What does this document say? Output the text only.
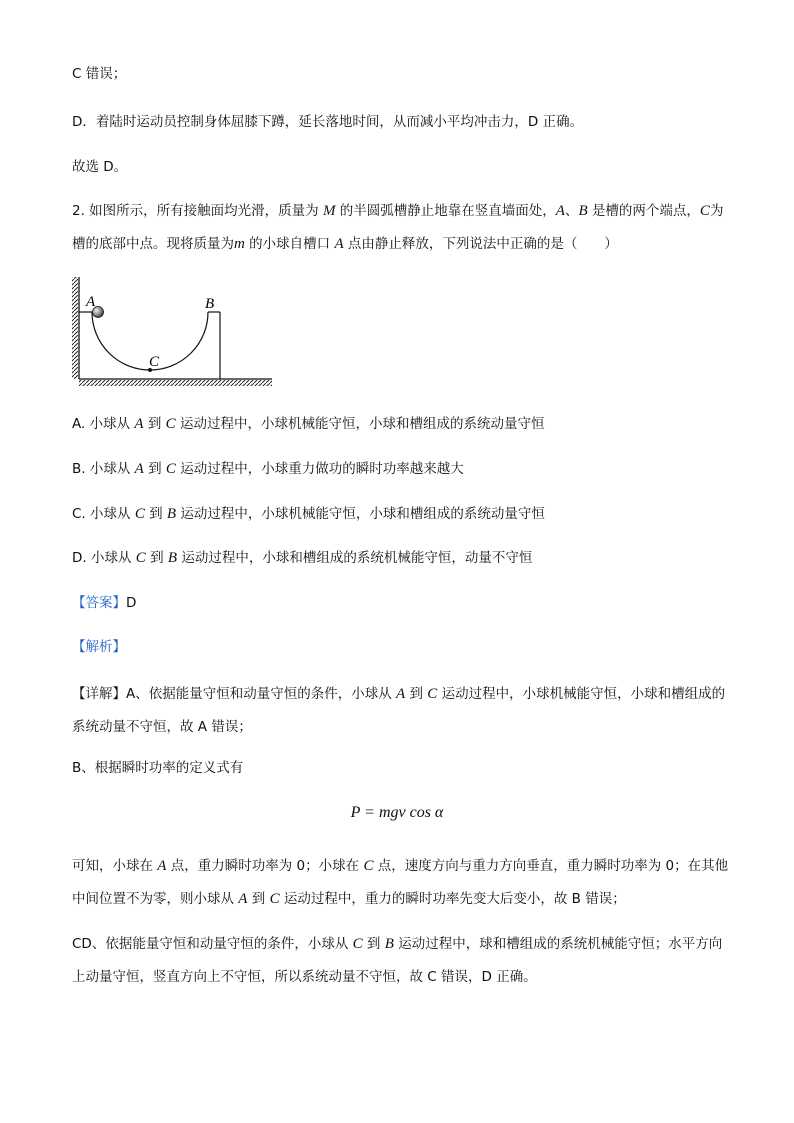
C 错误；
D．着陆时运动员控制身体屈膝下蹲，延长落地时间，从而减小平均冲击力，D 正确。
故选 D。
2. 如图所示，所有接触面均光滑，质量为 M 的半圆弧槽静止地靠在竖直墙面处，A、B 是槽的两个端点，C为槽的底部中点。现将质量为m 的小球自槽口 A 点由静止释放，下列说法中正确的是（　　）
A	B
C
A. 小球从 A 到 C 运动过程中，小球机械能守恒，小球和槽组成的系统动量守恒
B. 小球从 A 到 C 运动过程中，小球重力做功的瞬时功率越来越大
C. 小球从 C 到 B 运动过程中，小球机械能守恒，小球和槽组成的系统动量守恒
D. 小球从 C 到 B 运动过程中，小球和槽组成的系统机械能守恒，动量不守恒
【答案】D
【解析】
【详解】A、依据能量守恒和动量守恒的条件，小球从 A 到 C 运动过程中，小球机械能守恒，小球和槽组成的系统动量不守恒，故 A 错误；
B、根据瞬时功率的定义式有
P = mgv cos α
可知，小球在 A 点，重力瞬时功率为 0；小球在 C 点，速度方向与重力方向垂直，重力瞬时功率为 0；在其他中间位置不为零，则小球从 A 到 C 运动过程中，重力的瞬时功率先变大后变小，故 B 错误；
CD、依据能量守恒和动量守恒的条件，小球从 C 到 B 运动过程中，球和槽组成的系统机械能守恒；水平方向上动量守恒，竖直方向上不守恒，所以系统动量不守恒，故 C 错误，D 正确。
